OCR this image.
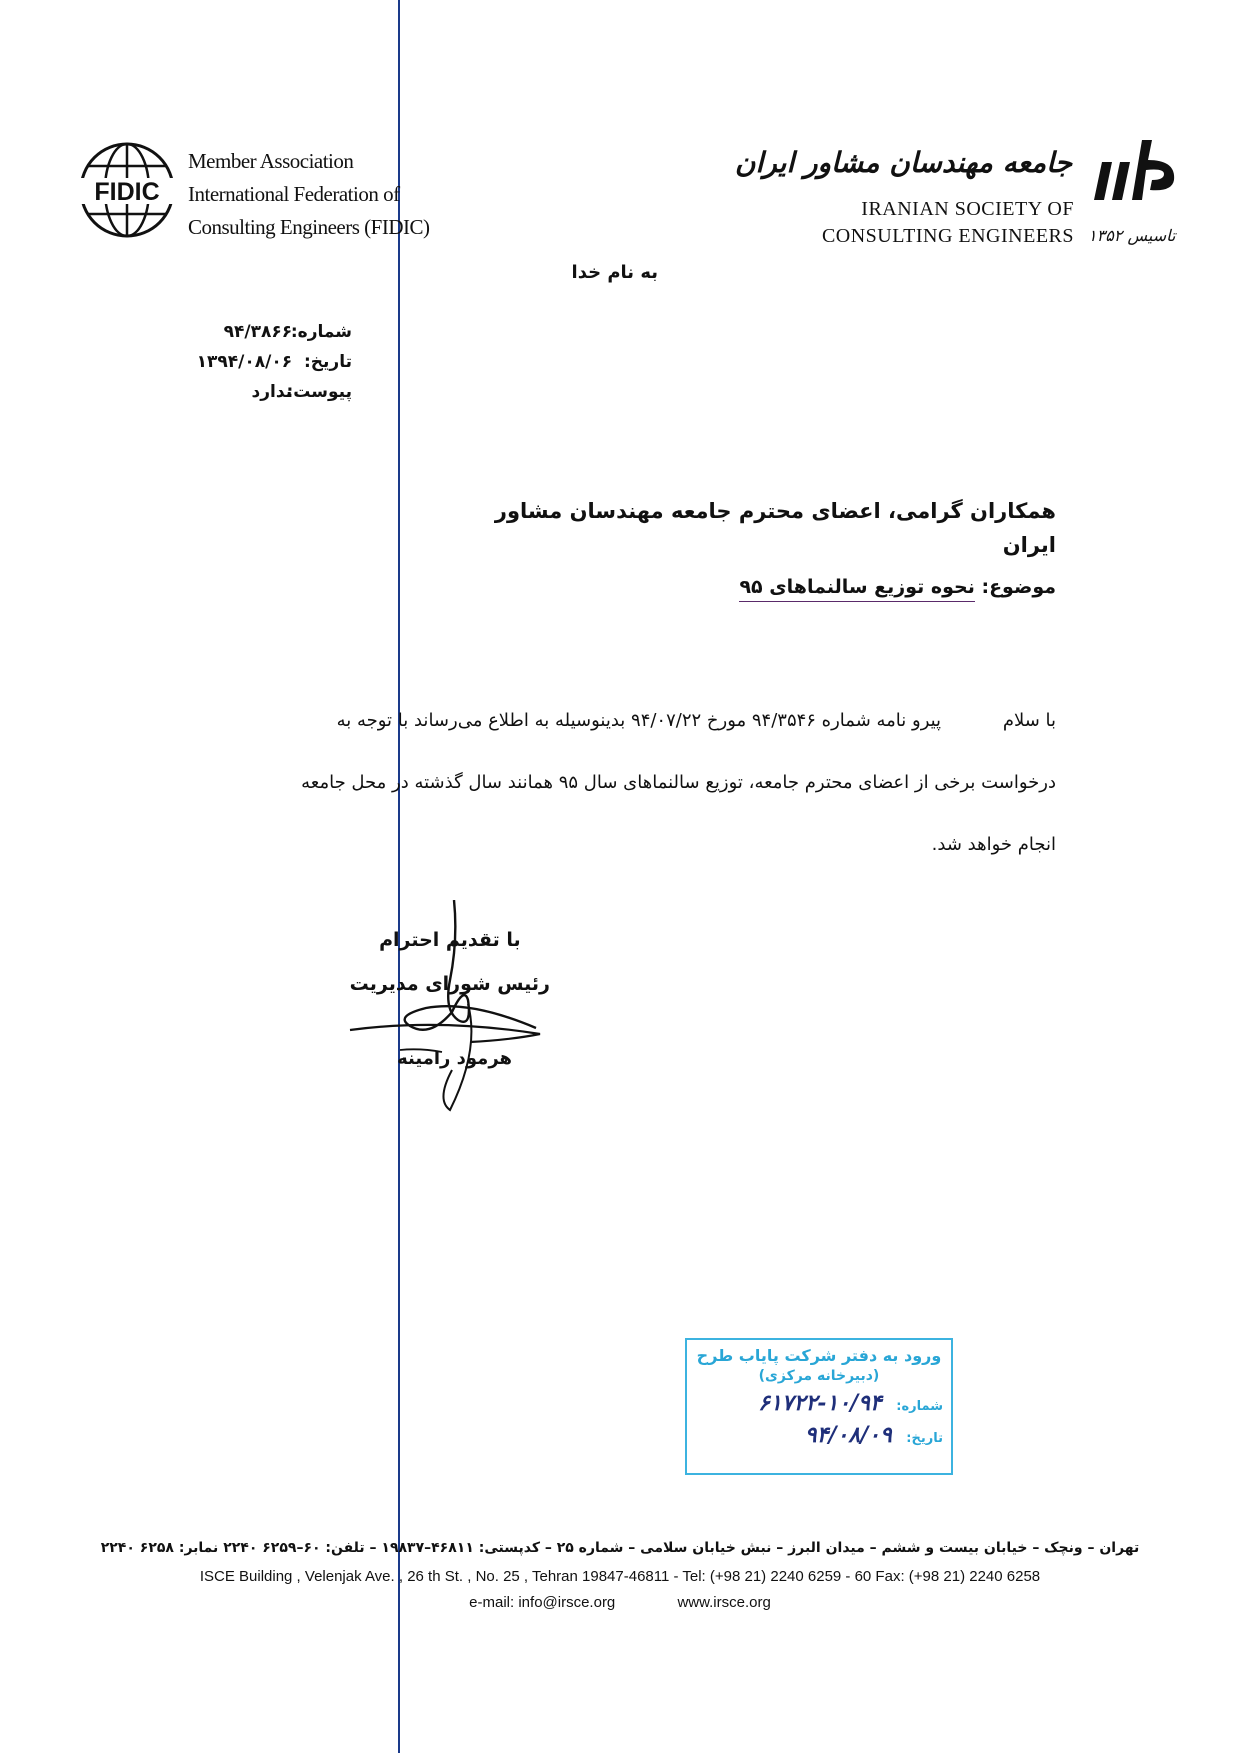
FIDIC
Member Association
International Federation of
Consulting Engineers (FIDIC)
جامعه مهندسان مشاور ایران
IRANIAN SOCIETY OF
CONSULTING ENGINEERS تاسیس ۱۳۵۲
به نام خدا
شماره: ۹۴/۳۸۶۶
تاریخ: ۱۳۹۴/۰۸/۰۶
پیوست: ندارد
همکاران گرامی، اعضای محترم جامعه مهندسان مشاور ایران
موضوع: نحوه توزیع سالنماهای ۹۵

با سلام پیرو نامه شماره ۹۴/۳۵۴۶ مورخ ۹۴/۰۷/۲۲ بدینوسیله به اطلاع می‌رساند با توجه به

درخواست برخی از اعضای محترم جامعه، توزیع سالنماهای سال ۹۵ همانند سال گذشته در محل جامعه

انجام خواهد شد.

با تقدیم احترام
رئیس شورای مدیریت
هرمود رامینه
ورود به دفتر شرکت پایاب طرح
(دبیرخانه مرکزی)
شماره: ۱۰/۹۴-۶۱۷۲۲
تاریخ: ۹۴/۰۸/۰۹
تهران – ونچک – خیابان بیست و ششم – میدان البرز – نبش خیابان سلامی – شماره ۲۵ – کدپستی: ۴۶۸۱۱–۱۹۸۳۷ – تلفن: ۶۰–۶۲۵۹ ۲۲۴۰ نمابر: ۶۲۵۸ ۲۲۴۰
ISCE Building , Velenjak Ave. , 26 th St. , No. 25 , Tehran 19847-46811 - Tel: (+98 21) 2240 6259 - 60 Fax: (+98 21) 2240 6258
e-mail: info@irsce.org	www.irsce.org
